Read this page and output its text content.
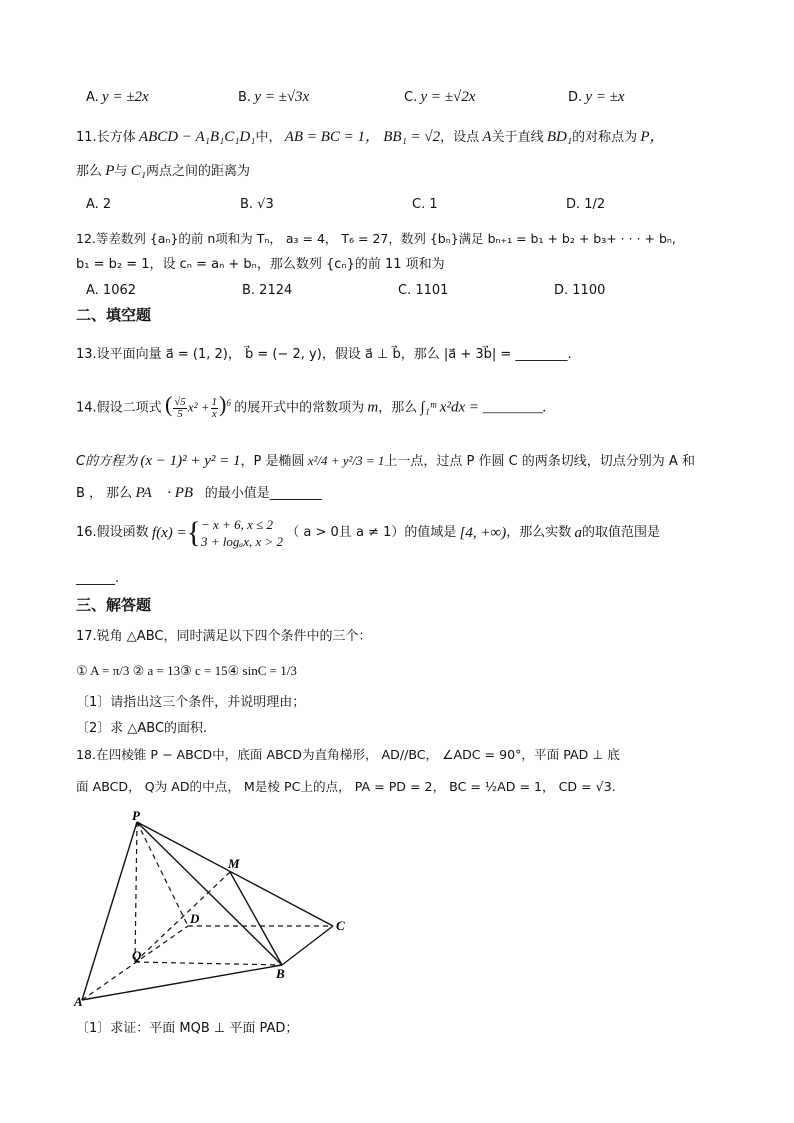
A. y = ±2x	B. y = ±√3x	C. y = ±√2x	D. y = ±x
11.长方体 ABCD − A₁B₁C₁D₁中， AB = BC = 1， BB₁ = √2，设点 A关于直线 BD₁的对称点为 P，
那么 P与 C₁两点之间的距离为
A. 2	B. √3	C. 1	D. 1/2
12.等差数列 {aₙ}的前 n项和为 Tₙ， a₃ = 4， T₆ = 27，数列 {bₙ}满足 bₙ₊₁ = b₁ + b₂ + b₃+ · · · + bₙ,
b₁ = b₂ = 1，设 cₙ = aₙ + bₙ，那么数列 {cₙ}的前 11 项和为
A. 1062	B. 2124	C. 1101	D. 1100
二、填空题
13.设平面向量 a⃗ = (1, 2)， b⃗ = (− 2, y)，假设 a⃗ ⊥ b⃗，那么 |a⃗ + 3b⃗| = ________.
14.假设二项式 ( $\frac{√5}{5} x^2 + \frac{1}{x} )^6$ 的展开式中的常数项为 m，那么 ∫₁ᵐ x²dx = ________.
C的方程为 (x − 1)² + y² = 1，P 是椭圆 x²/4 + y²/3 = 1上一点，过点 P 作圆 C 的两条切线，切点分别为 A 和
B ， 那么 PA⃗ · PB⃗的最小值是________
16.假设函数 f(x) ={ − x + 6, x ≤ 2
3 + logₐx, x > 2
（ a > 0且 a ≠ 1）的值域是 [4, +∞)，那么实数 a的取值范围是
______.
三、解答题
17.锐角 △ABC，同时满足以下四个条件中的三个：
① A = π/3 ② a = 13③ c = 15④ sinC = 1/3
〔1〕请指出这三个条件，并说明理由；
〔2〕求 △ABC的面积.
18.在四棱锥 P − ABCD中，底面 ABCD为直角梯形， AD//BC， ∠ADC = 90°，平面 PAD ⊥ 底
面 ABCD， Q为 AD的中点， M是棱 PC上的点， PA = PD = 2， BC = ½AD = 1， CD = √3.
P
M
D	C
Q
B
A
〔1〕求证：平面 MQB ⊥ 平面 PAD；
